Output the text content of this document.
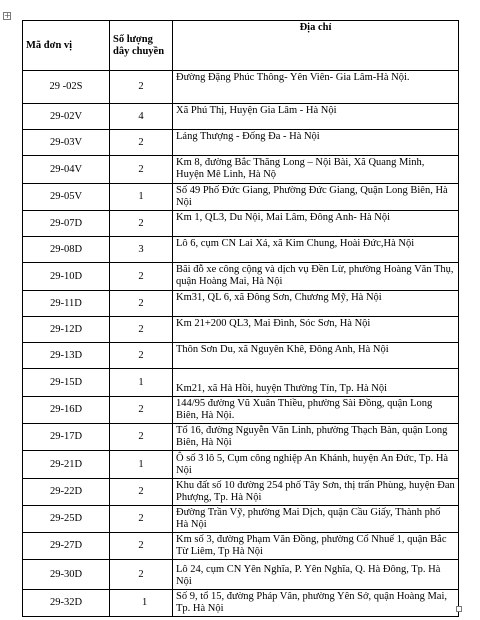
+
Mã đơn vị	Số lượng dây chuyền	Địa chỉ
29 -02S	2	Đường Đặng Phúc Thông- Yên Viên- Gia Lâm-Hà Nội.
29-02V	4	Xã Phú Thị, Huyện Gia Lâm - Hà Nội
29-03V	2	Láng Thượng - Đống Đa - Hà Nội
29-04V	2	Km 8, đường Bắc Thăng Long – Nội Bài, Xã Quang Minh, Huyện Mê Linh, Hà Nộ
29-05V	1	Số 49 Phố Đức Giang, Phường Đức Giang, Quận Long Biên, Hà Nội
29-07D	2	Km 1, QL3, Du Nội, Mai Lâm, Đông Anh- Hà Nội
29-08D	3	Lô 6, cụm CN Lai Xá, xã Kim Chung, Hoài Đức,Hà Nội
29-10D	2	Bãi đỗ xe công cộng và dịch vụ Đền Lừ, phường Hoàng Văn Thụ, quận Hoàng Mai, Hà Nội
29-11D	2	Km31, QL 6, xã Đông Sơn, Chương Mỹ, Hà Nội
29-12D	2	Km 21+200 QL3, Mai Đình, Sóc Sơn, Hà Nội
29-13D	2	Thôn Sơn Du, xã Nguyên Khê, Đông Anh, Hà Nội
29-15D	1	Km21, xã Hà Hồi, huyện Thường Tín, Tp. Hà Nội
29-16D	2	144/95 đường Vũ Xuân Thiều, phường Sài Đồng, quận Long Biên, Hà Nội.
29-17D	2	Tổ 16, đường Nguyễn Văn Linh, phường Thạch Bàn, quận Long Biên, Hà Nội
29-21D	1	Ô số 3 lô 5, Cụm công nghiệp An Khánh, huyện An Đức, Tp. Hà Nội
29-22D	2	Khu đất số 10 đường 254 phố Tây Sơn, thị trấn Phùng, huyện Đan Phượng, Tp. Hà Nội
29-25D	2	Đường Trần Vỹ, phường Mai Dịch, quận Cầu Giấy, Thành phố Hà Nội
29-27D	2	Km số 3, đường Phạm Văn Đồng, phường Cổ Nhuế 1, quận Bắc Từ Liêm, Tp Hà Nội
29-30D	2	Lô 24, cụm CN Yên Nghĩa, P. Yên Nghĩa, Q. Hà Đông, Tp. Hà Nội
29-32D	1	Số 9, tổ 15, đường Pháp Vân, phường Yên Sở, quận Hoàng Mai, Tp. Hà Nội
